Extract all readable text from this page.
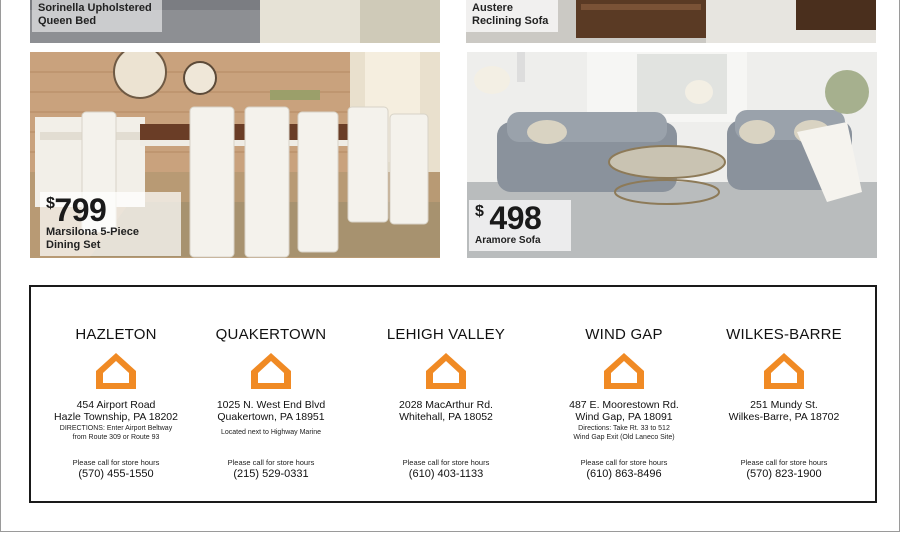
Sorinella Upholstered
Queen Bed
Austere
Reclining Sofa
$799
Marsilona 5-Piece
Dining Set
$ 498
Aramore Sofa
HAZLETON
454 Airport Road
Hazle Township, PA 18202
DIRECTIONS: Enter Airport Beltway
from Route 309 or Route 93
Please call for store hours
(570) 455-1550
QUAKERTOWN
1025 N. West End Blvd
Quakertown, PA 18951
Located next to Highway Marine
Please call for store hours
(215) 529-0331
LEHIGH VALLEY
2028 MacArthur Rd.
Whitehall, PA 18052
Please call for store hours
(610) 403-1133
WIND GAP
487 E. Moorestown Rd.
Wind Gap, PA 18091
Directions: Take Rt. 33 to 512
Wind Gap Exit (Old Laneco Site)
Please call for store hours
(610) 863-8496
WILKES-BARRE
251 Mundy St.
Wilkes-Barre, PA 18702
Please call for store hours
(570) 823-1900
